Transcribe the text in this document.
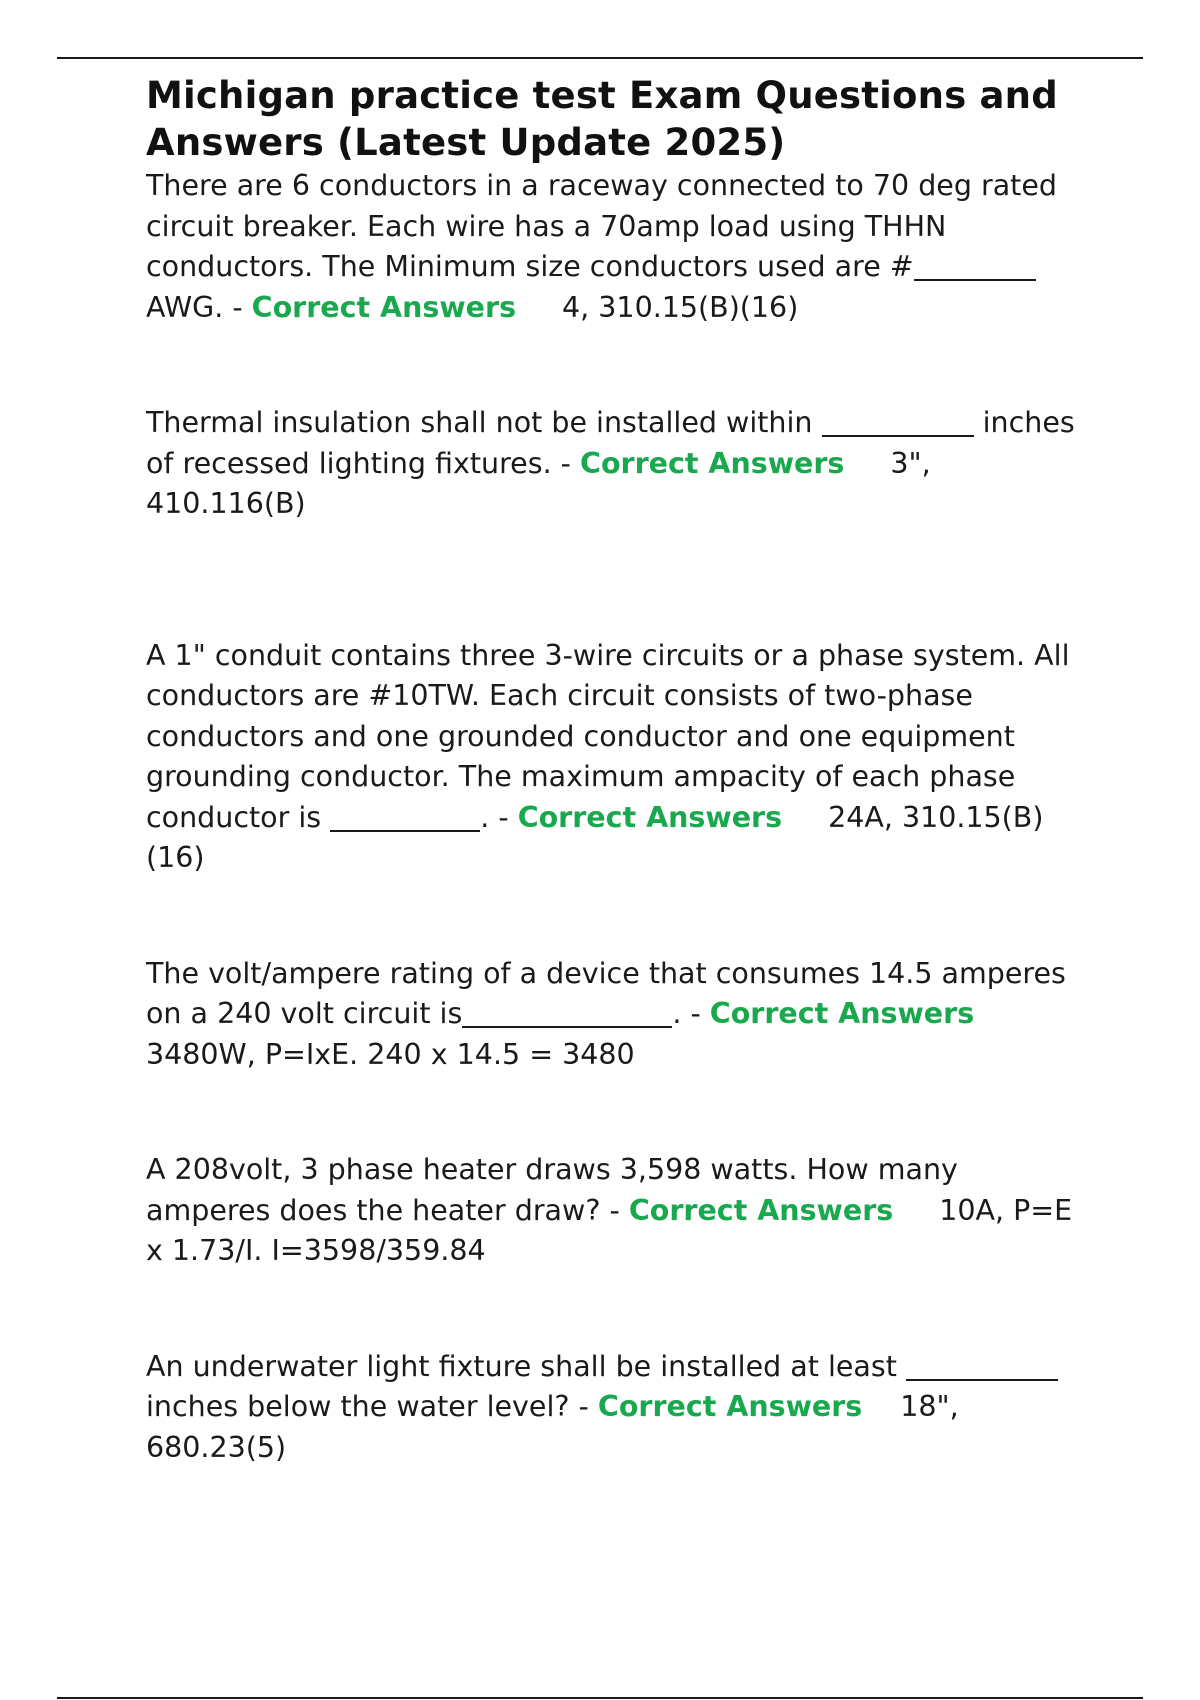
Michigan practice test Exam Questions and Answers (Latest Update 2025)

There are 6 conductors in a raceway connected to 70 deg rated circuit breaker. Each wire has a 70amp load using THHN conductors. The Minimum size conductors used are #AWG. - Correct Answers 4, 310.15(B)(16)

Thermal insulation shall not be installed within	inches of recessed lighting fixtures. - Correct Answers 3", 410.116(B)

A 1" conduit contains three 3-wire circuits or a phase system. All conductors are #10TW. Each circuit consists of two-phase conductors and one grounded conductor and one equipment grounding conductor. The maximum ampacity of each phase conductor is	. - Correct Answers 24A, 310.15(B)(16)

The volt/ampere rating of a device that consumes 14.5 amperes on a 240 volt circuit is	. - Correct Answers3480W, P=IxE. 240 x 14.5 = 3480

A 208volt, 3 phase heater draws 3,598 watts. How many amperes does the heater draw? - Correct Answers 10A, P=E x 1.73/I. I=3598/359.84

An underwater light fixture shall be installed at least  inches below the water level? - Correct Answers 18", 680.23(5)
